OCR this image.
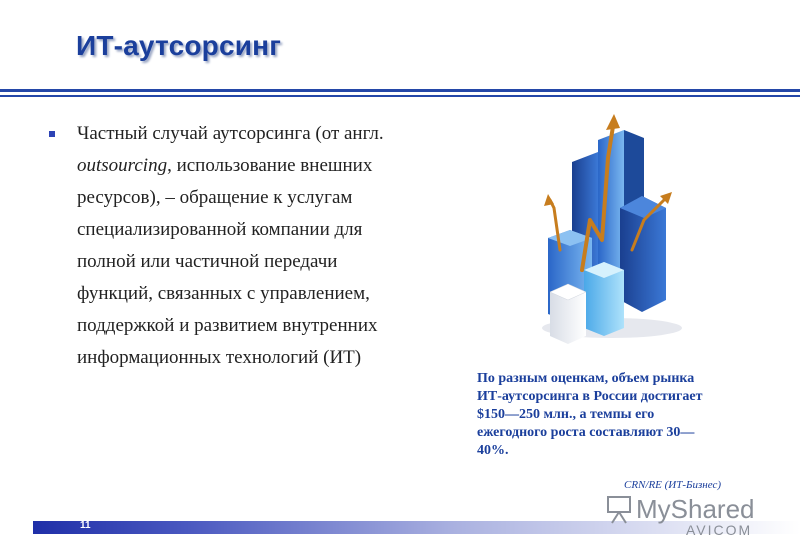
ИТ-аутсорсинг
Частный случай аутсорсинга (от англ.
outsourcing, использование внешних
ресурсов), – обращение к услугам
специализированной компании для
полной или частичной передачи
функций, связанных с управлением,
поддержкой и развитием внутренних
информационных технологий (ИТ)
По разным оценкам, объем рынка
ИТ-аутсорсинга в России достигает
$150—250 млн., а темпы его
ежегодного роста составляют 30—
40%.
CRN/RE (ИТ-Бизнес)
11
MyShared
AVICOM
